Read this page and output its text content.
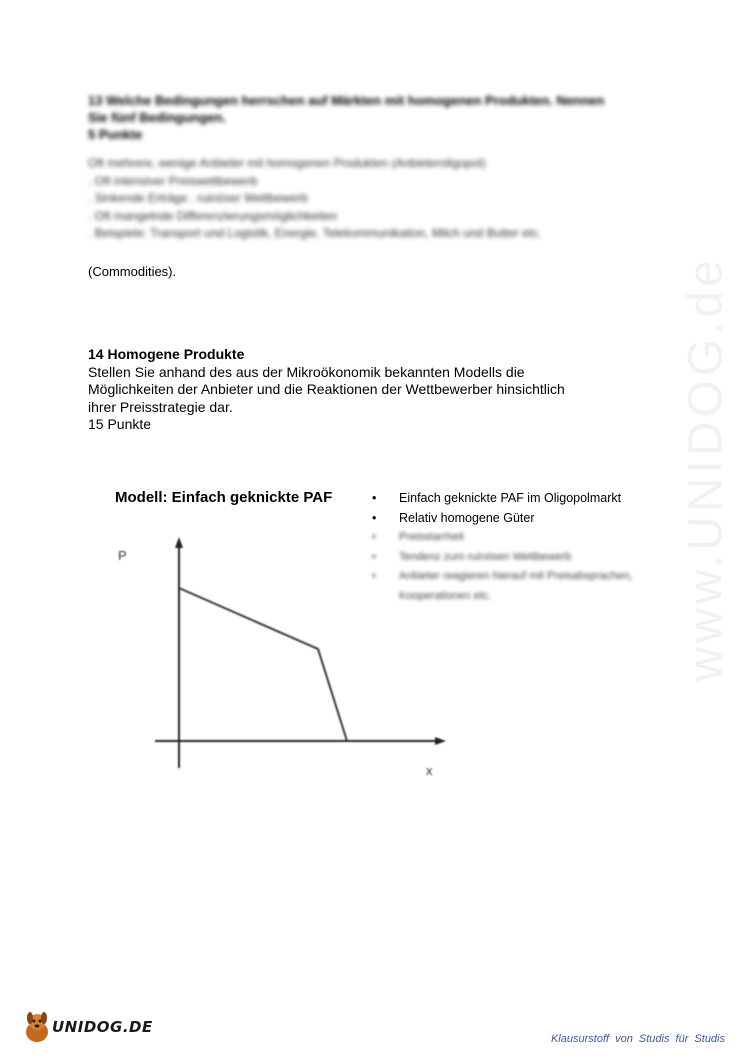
www.UNIDOG.de
13 Welche Bedingungen herrschen auf Märkten mit homogenen Produkten. Nennen
Sie fünf Bedingungen.
5 Punkte
Oft mehrere, wenige Anbieter mit homogenen Produkten (Anbieteroligopol)
. Oft intensiver Preiswettbewerb
. Sinkende Erträge . ruinöser Wettbewerb
. Oft mangelnde Differenzierungsmöglichkeiten
. Beispiele: Transport und Logistik, Energie, Telekommunikation, Milch und Butter etc.
(Commodities).
14 Homogene Produkte
Stellen Sie anhand des aus der Mikroökonomik bekannten Modells die
Möglichkeiten der Anbieter und die Reaktionen der Wettbewerber hinsichtlich
ihrer Preisstrategie dar.
15 Punkte
Modell: Einfach geknickte PAF	• Einfach geknickte PAF im Oligopolmarkt
• Relativ homogene Güter
• Preisstarrheit
• Tendenz zum ruinösen Wettbewerb
• Anbieter reagieren hierauf mit Preisabsprachen, Kooperationen etc.
P
x
UNIDOG.DE
Klausurstoff von Studis für Studis
